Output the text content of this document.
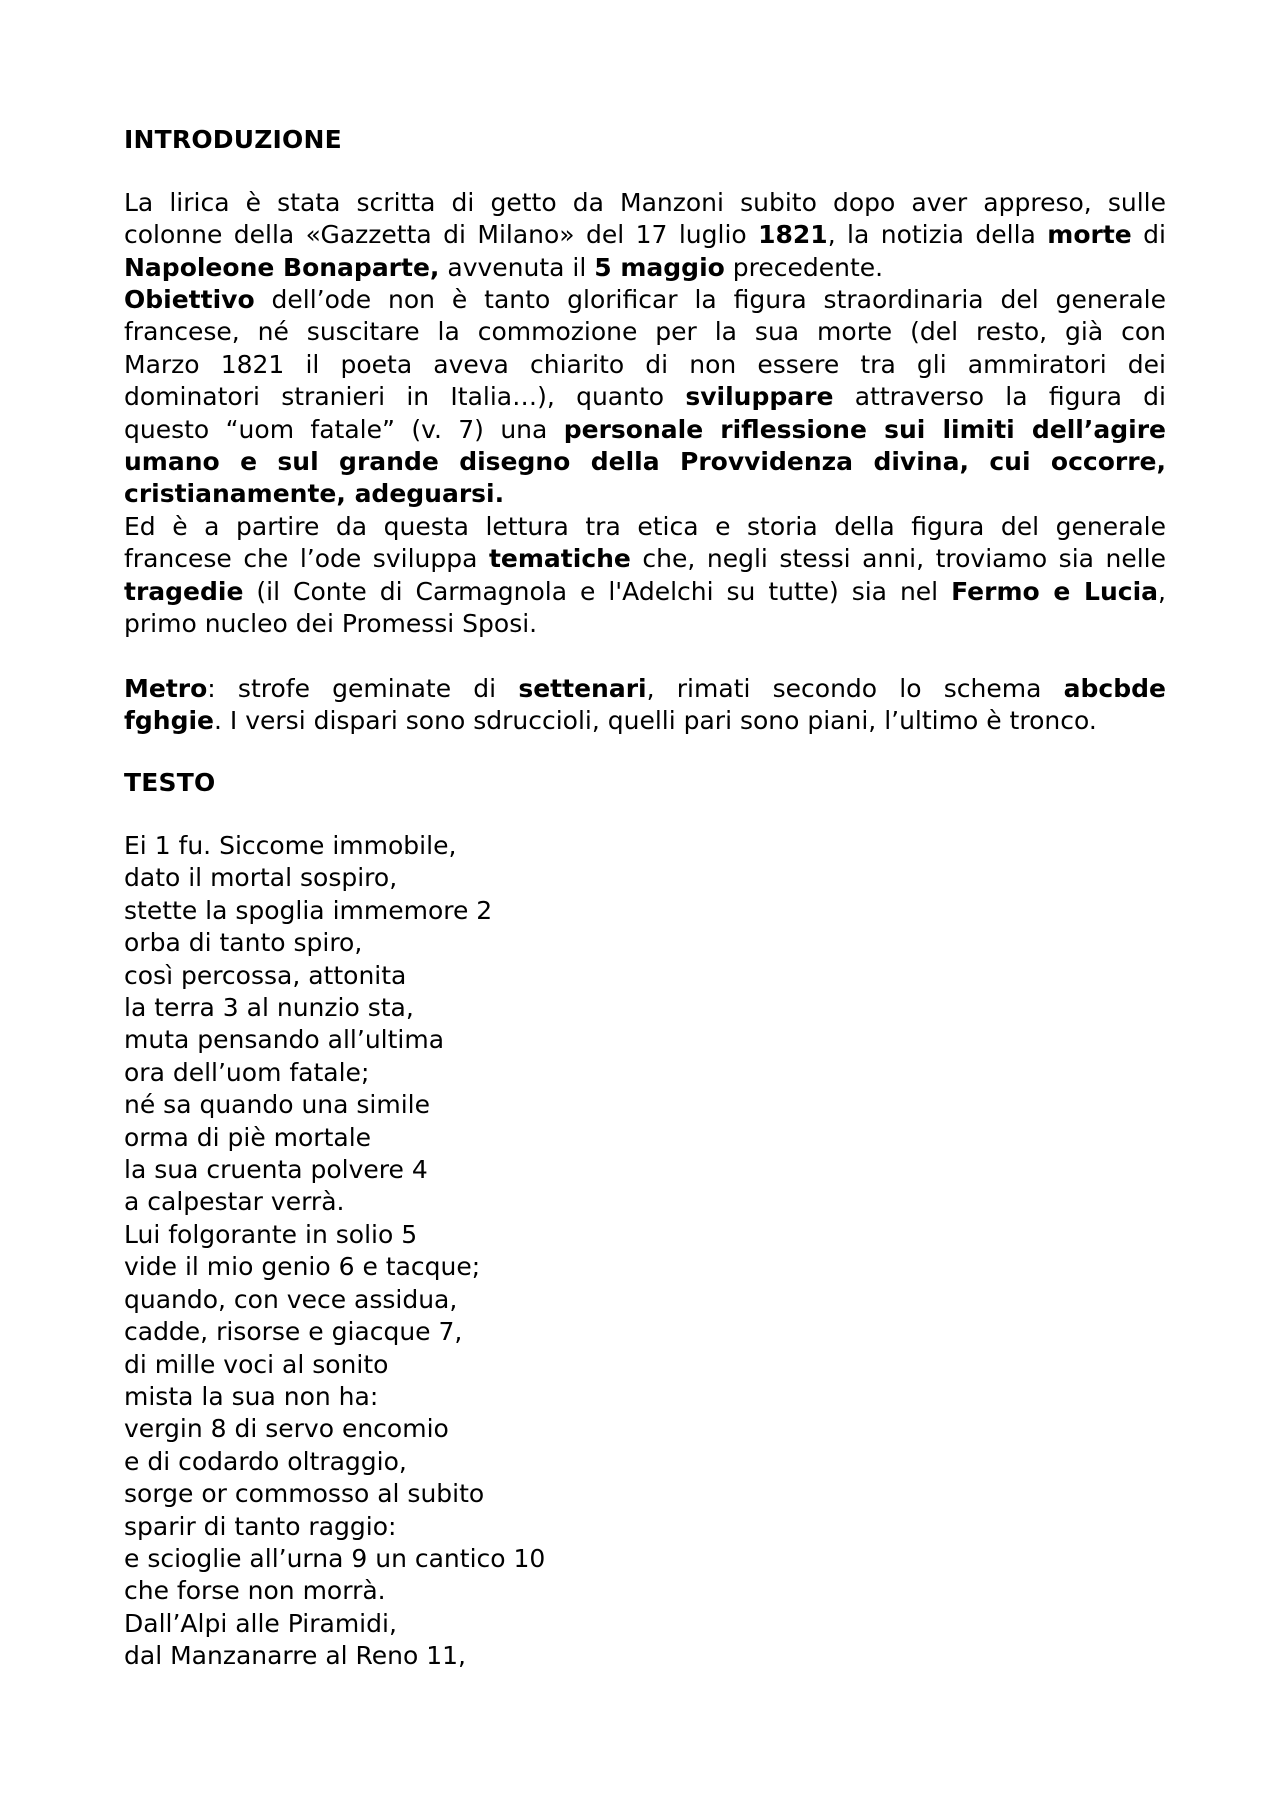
INTRODUZIONE
La lirica è stata scritta di getto da Manzoni subito dopo aver appreso, sulle
colonne della «Gazzetta di Milano» del 17 luglio 1821, la notizia della morte di
Napoleone Bonaparte, avvenuta il 5 maggio precedente.
Obiettivo dell’ode non è tanto glorificar la figura straordinaria del generale
francese, né suscitare la commozione per la sua morte (del resto, già con
Marzo 1821 il poeta aveva chiarito di non essere tra gli ammiratori dei
dominatori stranieri in Italia…), quanto sviluppare attraverso la figura di
questo “uom fatale” (v. 7) una personale riflessione sui limiti dell’agire
umano e sul grande disegno della Provvidenza divina, cui occorre,
cristianamente, adeguarsi.
Ed è a partire da questa lettura tra etica e storia della figura del generale
francese che l’ode sviluppa tematiche che, negli stessi anni, troviamo sia nelle
tragedie (il Conte di Carmagnola e l'Adelchi su tutte) sia nel Fermo e Lucia,
primo nucleo dei Promessi Sposi.
Metro: strofe geminate di settenari, rimati secondo lo schema abcbde
fghgie. I versi dispari sono sdruccioli, quelli pari sono piani, l’ultimo è tronco.
TESTO
Ei 1 fu. Siccome immobile,
dato il mortal sospiro,
stette la spoglia immemore 2
orba di tanto spiro,
così percossa, attonita
la terra 3 al nunzio sta,
muta pensando all’ultima
ora dell’uom fatale;
né sa quando una simile
orma di piè mortale
la sua cruenta polvere 4
a calpestar verrà.
Lui folgorante in solio 5
vide il mio genio 6 e tacque;
quando, con vece assidua,
cadde, risorse e giacque 7,
di mille voci al sonito
mista la sua non ha:
vergin 8 di servo encomio
e di codardo oltraggio,
sorge or commosso al subito
sparir di tanto raggio:
e scioglie all’urna 9 un cantico 10
che forse non morrà.
Dall’Alpi alle Piramidi,
dal Manzanarre al Reno 11,
